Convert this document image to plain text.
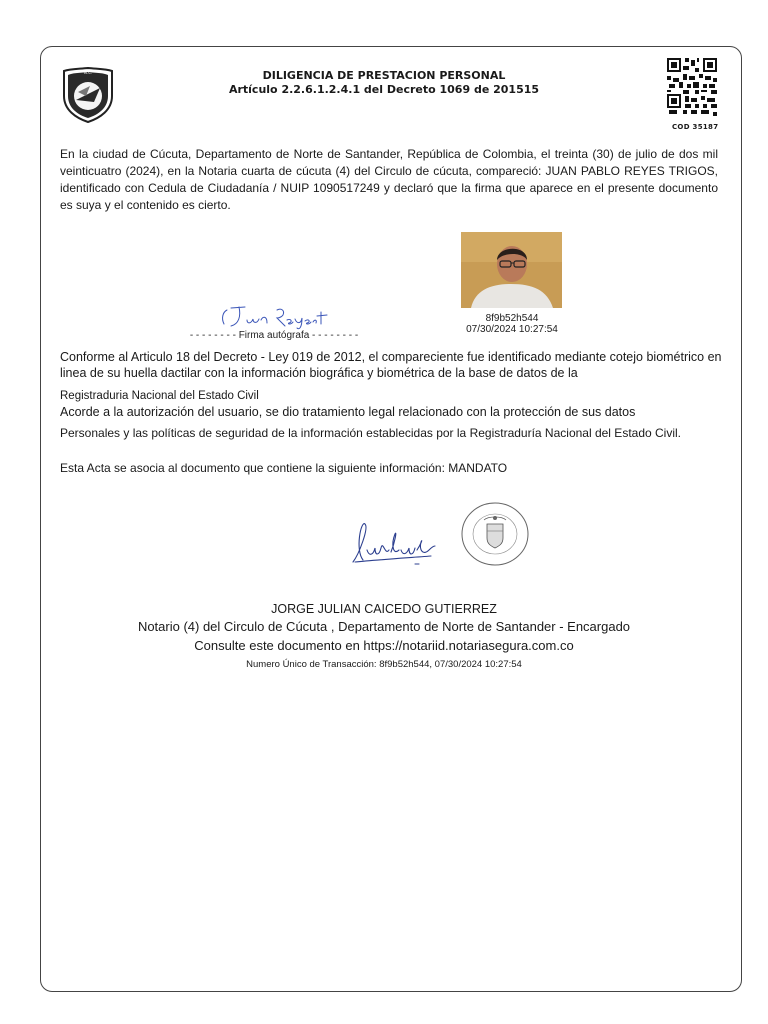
N.C.	DILIGENCIA DE PRESTACION PERSONAL
Artículo 2.2.6.1.2.4.1 del Decreto 1069 de 201515
COD 35187
En la ciudad de Cúcuta, Departamento de Norte de Santander, República de Colombia, el treinta (30) de julio de dos mil veinticuatro (2024), en la Notaria cuarta de cúcuta (4) del Circulo de cúcuta, compareció: JUAN PABLO REYES TRIGOS, identificado con Cedula de Ciudadanía / NUIP 1090517249 y declaró que la firma que aparece en el presente documento es suya y el contenido es cierto.
- - - - - - - - Firma autógrafa - - - - - - - -
8f9b52h544
07/30/2024 10:27:54
Conforme al Articulo 18 del Decreto - Ley 019 de 2012, el compareciente fue identificado mediante cotejo biométrico en linea de su huella dactilar con la información biográfica y biométrica de la base de datos de la
Registraduria Nacional del Estado Civil
Acorde a la autorización del usuario, se dio tratamiento legal relacionado con la protección de sus datos
Personales y las políticas de seguridad de la información establecidas por la Registraduría Nacional del Estado Civil.
Esta Acta se asocia al documento que contiene la siguiente información: MANDATO
JORGE JULIAN CAICEDO GUTIERREZ
Notario (4) del Circulo de Cúcuta , Departamento de Norte de Santander - Encargado
Consulte este documento en https://notariid.notariasegura.com.co
Numero Único de Transacción: 8f9b52h544, 07/30/2024 10:27:54
